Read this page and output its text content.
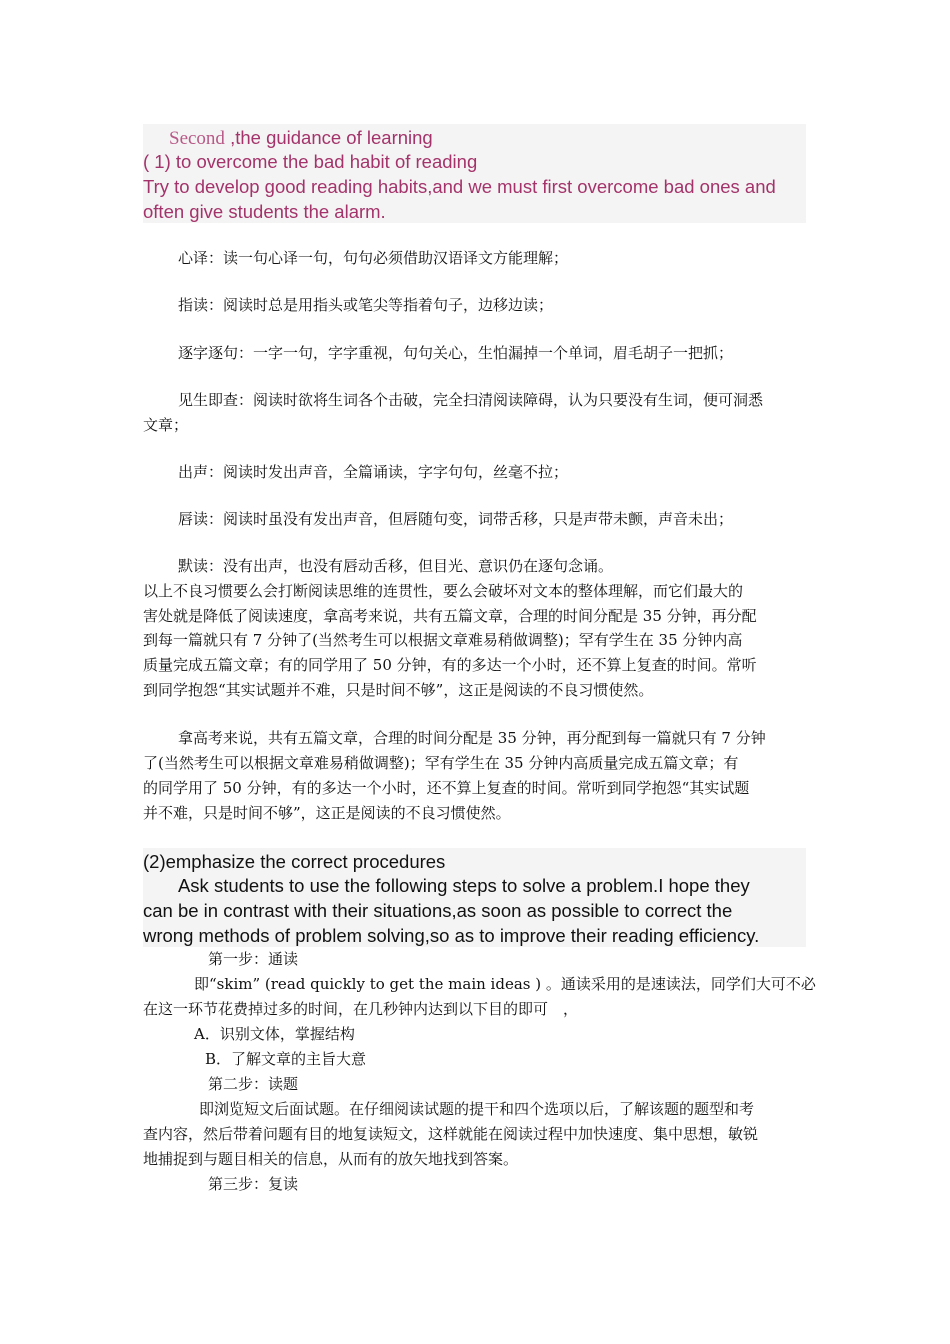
Second ,the guidance of learning
( 1) to overcome the bad habit of reading
Try to develop good reading habits,and we must first overcome bad ones and
often give students the alarm.
心译：读一句心译一句，句句必须借助汉语译文方能理解；
指读：阅读时总是用指头或笔尖等指着句子，边移边读；
逐字逐句：一字一句，字字重视，句句关心，生怕漏掉一个单词，眉毛胡子一把抓；
见生即查：阅读时欲将生词各个击破，完全扫清阅读障碍，认为只要没有生词，便可洞悉
文章；
出声：阅读时发出声音，全篇诵读，字字句句，丝毫不拉；
唇读：阅读时虽没有发出声音，但唇随句变，词带舌移，只是声带未颤，声音未出；
默读：没有出声，也没有唇动舌移，但目光、意识仍在逐句念诵。
以上不良习惯要么会打断阅读思维的连贯性，要么会破坏对文本的整体理解，而它们最大的
害处就是降低了阅读速度，拿高考来说，共有五篇文章，合理的时间分配是 35 分钟，再分配
到每一篇就只有 7 分钟了(当然考生可以根据文章难易稍做调整)；罕有学生在 35 分钟内高
质量完成五篇文章；有的同学用了 50 分钟，有的多达一个小时，还不算上复查的时间。常听
到同学抱怨“其实试题并不难，只是时间不够”，这正是阅读的不良习惯使然。
拿高考来说，共有五篇文章，合理的时间分配是 35 分钟，再分配到每一篇就只有 7 分钟
了(当然考生可以根据文章难易稍做调整)；罕有学生在 35 分钟内高质量完成五篇文章；有
的同学用了 50 分钟，有的多达一个小时，还不算上复查的时间。常听到同学抱怨“其实试题
并不难，只是时间不够”，这正是阅读的不良习惯使然。
(2)emphasize the correct procedures
Ask students to use the following steps to solve a problem.I hope they
can be in contrast with their situations,as soon as possible to correct the
wrong methods of problem solving,so as to improve their reading efficiency.
第一步：通读
即“skim” (read quickly to get the main ideas ) 。通读采用的是速读法，同学们大可不必
在这一环节花费掉过多的时间，在几秒钟内达到以下目的即可　，
A．识别文体，掌握结构
B．了解文章的主旨大意
第二步：读题
即浏览短文后面试题。在仔细阅读试题的提干和四个选项以后，了解该题的题型和考
查内容，然后带着问题有目的地复读短文，这样就能在阅读过程中加快速度、集中思想，敏锐
地捕捉到与题目相关的信息，从而有的放矢地找到答案。
第三步：复读
